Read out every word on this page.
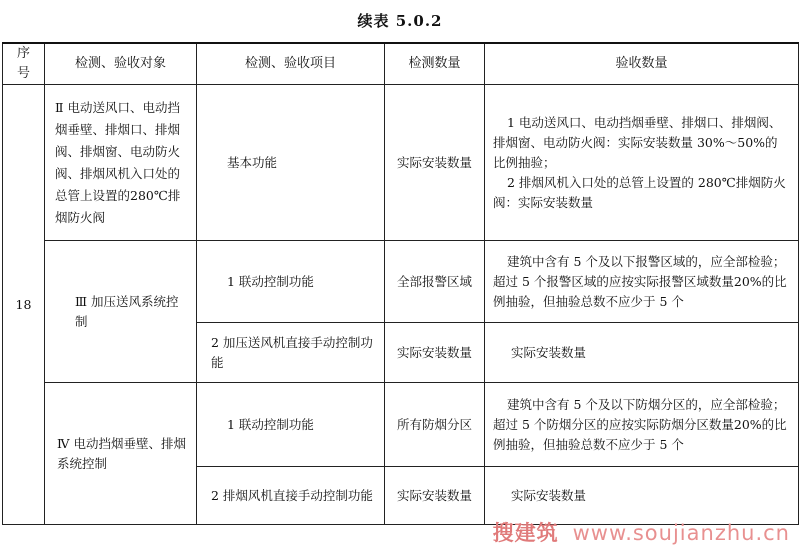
续表 5.0.2
序号	检测、验收对象	检测、验收项目	检测数量	验收数量
18	Ⅱ 电动送风口、电动挡烟垂壁、排烟口、排烟阀、排烟窗、电动防火阀、排烟风机入口处的总管上设置的280℃排烟防火阀	基本功能	实际安装数量	1 电动送风口、电动挡烟垂壁、排烟口、排烟阀、排烟窗、电动防火阀：实际安装数量 30%～50%的比例抽验；
2 排烟风机入口处的总管上设置的 280℃排烟防火阀：实际安装数量

	Ⅲ 加压送风系统控制	1 联动控制功能	全部报警区域	建筑中含有 5 个及以下报警区域的，应全部检验；超过 5 个报警区域的应按实际报警区域数量20%的比例抽验，但抽验总数不应少于 5 个
		2 加压送风机直接手动控制功能	实际安装数量	实际安装数量
	Ⅳ 电动挡烟垂壁、排烟系统控制	1 联动控制功能	所有防烟分区	建筑中含有 5 个及以下防烟分区的，应全部检验；超过 5 个防烟分区的应按实际防烟分区数量20%的比例抽验，但抽验总数不应少于 5 个
		2 排烟风机直接手动控制功能	实际安装数量	实际安装数量
搜建筑 www.soujianzhu.cn
